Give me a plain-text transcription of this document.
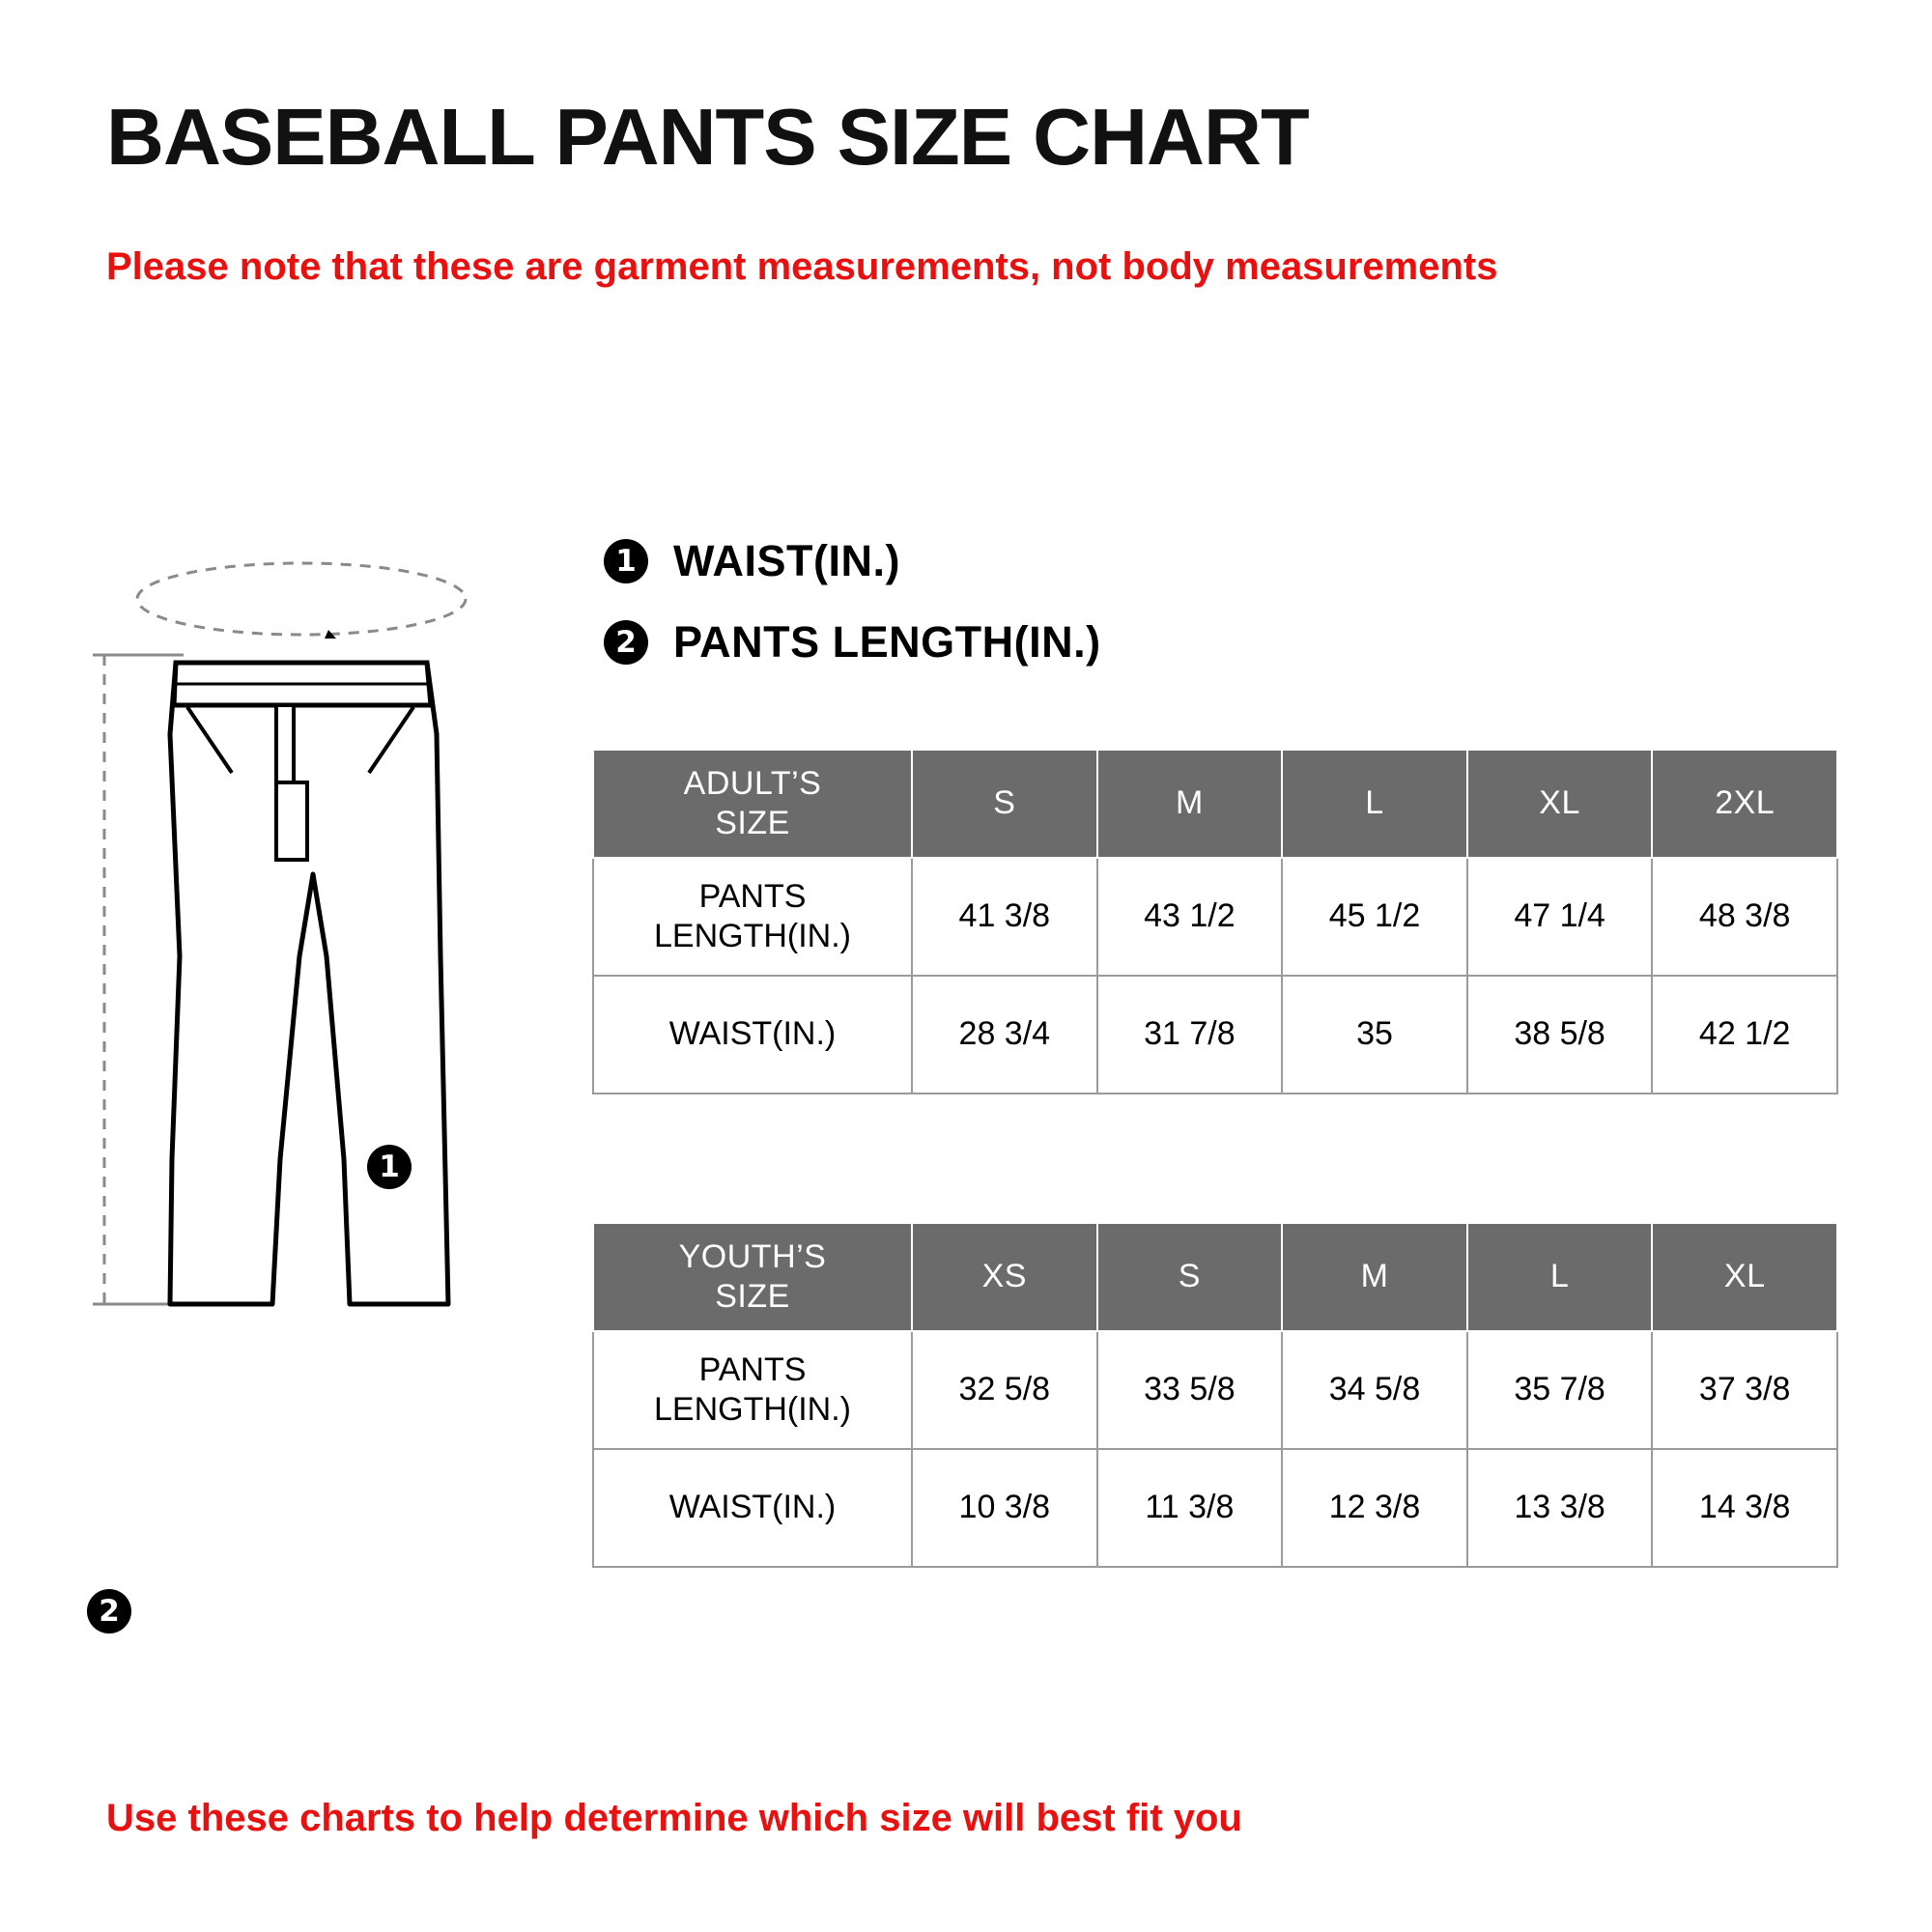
BASEBALL PANTS SIZE CHART

Please note that these are garment measurements, not body measurements

1 WAIST(IN.)
2 PANTS LENGTH(IN.)
1
2
ADULT’S
SIZE	S	M	L	XL	2XL
PANTS
LENGTH(IN.)	41 3/8	43 1/2	45 1/2	47 1/4	48 3/8
WAIST(IN.)	28 3/4	31 7/8	35	38 5/8	42 1/2
YOUTH’S
SIZE	XS	S	M	L	XL
PANTS
LENGTH(IN.)	32 5/8	33 5/8	34 5/8	35 7/8	37 3/8
WAIST(IN.)	10 3/8	11 3/8	12 3/8	13 3/8	14 3/8
Use these charts to help determine which size will best fit you
